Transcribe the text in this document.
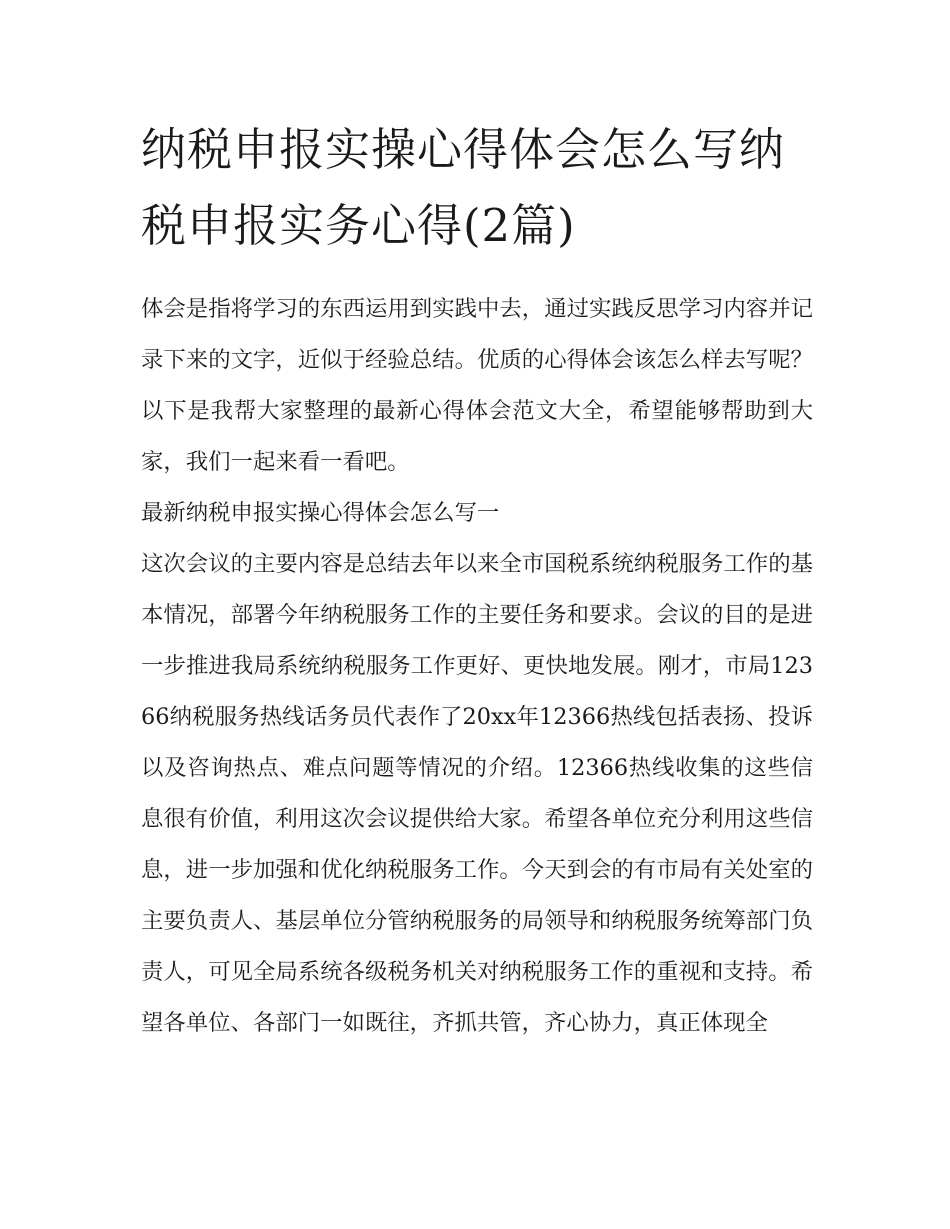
纳税申报实操心得体会怎么写纳税申报实务心得(2篇)

体会是指将学习的东西运用到实践中去，通过实践反思学习内容并记录下来的文字，近似于经验总结。优质的心得体会该怎么样去写呢？以下是我帮大家整理的最新心得体会范文大全，希望能够帮助到大家，我们一起来看一看吧。

最新纳税申报实操心得体会怎么写一

这次会议的主要内容是总结去年以来全市国税系统纳税服务工作的基本情况，部署今年纳税服务工作的主要任务和要求。会议的目的是进一步推进我局系统纳税服务工作更好、更快地发展。刚才，市局12366纳税服务热线话务员代表作了20xx年12366热线包括表扬、投诉以及咨询热点、难点问题等情况的介绍。12366热线收集的这些信息很有价值，利用这次会议提供给大家。希望各单位充分利用这些信息，进一步加强和优化纳税服务工作。今天到会的有市局有关处室的主要负责人、基层单位分管纳税服务的局领导和纳税服务统筹部门负责人，可见全局系统各级税务机关对纳税服务工作的重视和支持。希望各单位、各部门一如既往，齐抓共管，齐心协力，真正体现全
